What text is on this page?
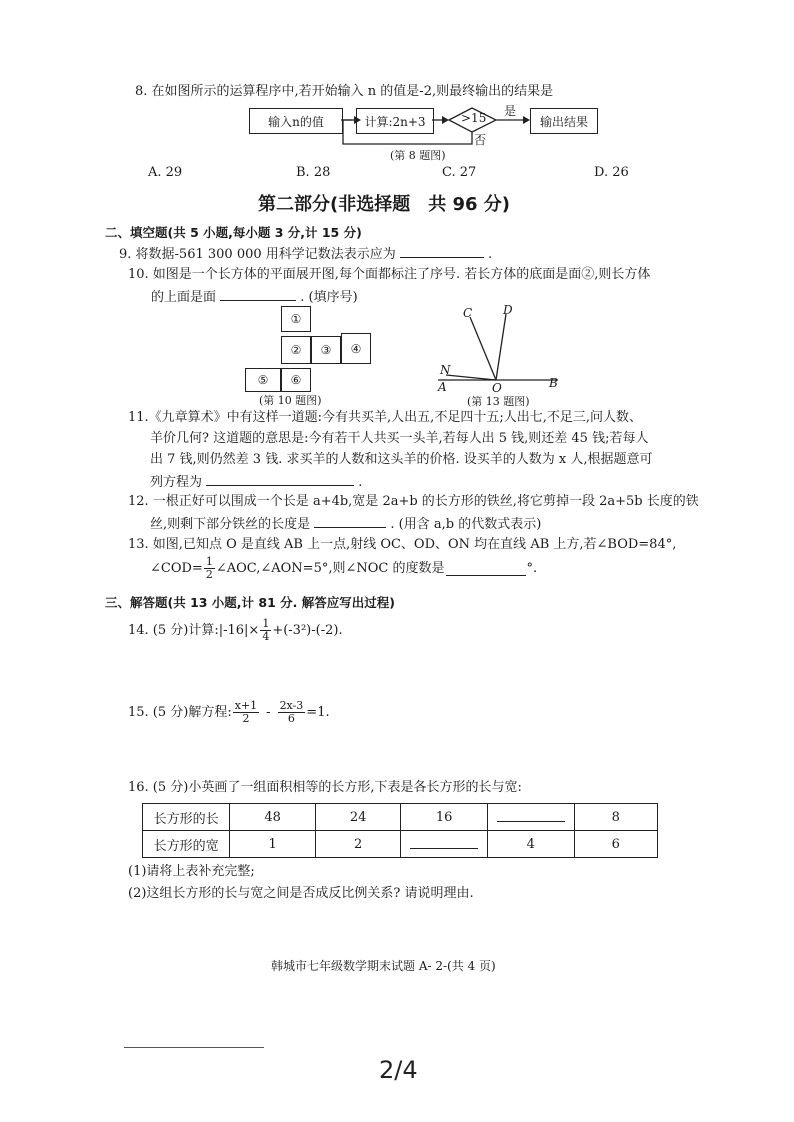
8. 在如图所示的运算程序中,若开始输入 n 的值是-2,则最终输出的结果是
输入n的值	计算:2n+3	>15 是
否
输出结果
(第 8 题图)
A. 29	B. 28	C. 27	D. 26
第二部分(非选择题　共 96 分)
二、填空题(共 5 小题,每小题 3 分,计 15 分)
9. 将数据-561 300 000 用科学记数法表示应为	.
10. 如图是一个长方体的平面展开图,每个面都标注了序号. 若长方体的底面是面②,则长方体
的上面是面	. (填序号)
①
②	③	④
⑤	⑥
(第 10 题图)
C	D
N
A	O	B
(第 13 题图)
11.《九章算术》中有这样一道题:今有共买羊,人出五,不足四十五;人出七,不足三,问人数、
羊价几何? 这道题的意思是:今有若干人共买一头羊,若每人出 5 钱,则还差 45 钱;若每人
出 7 钱,则仍然差 3 钱. 求买羊的人数和这头羊的价格. 设买羊的人数为 x 人,根据题意可
列方程为	.
12. 一根正好可以围成一个长是 a+4b,宽是 2a+b 的长方形的铁丝,将它剪掉一段 2a+5b 长度的铁
丝,则剩下部分铁丝的长度是	. (用含 a,b 的代数式表示)
13. 如图,已知点 O 是直线 AB 上一点,射线 OC、OD、ON 均在直线 AB 上方,若∠BOD=84°,
∠COD= $\frac{1}{2}$ ∠AOC,∠AON=5°,则∠NOC 的度数是	°.
三、解答题(共 13 小题,计 81 分. 解答应写出过程)
14. (5 分)计算:|-16|× $\frac{1}{4} +(-3^2)-(-2)$.
15. (5 分)解方程: $\frac{x+1}{2} - \frac{2x-3}{6} =1$.
16. (5 分)小英画了一组面积相等的长方形,下表是各长方形的长与宽:
长方形的长	48	24	16		8
长方形的宽	1	2		4	6
(1)请将上表补充完整;
(2)这组长方形的长与宽之间是否成反比例关系? 请说明理由.
韩城市七年级数学期末试题 A- 2-(共 4 页)
2/4
